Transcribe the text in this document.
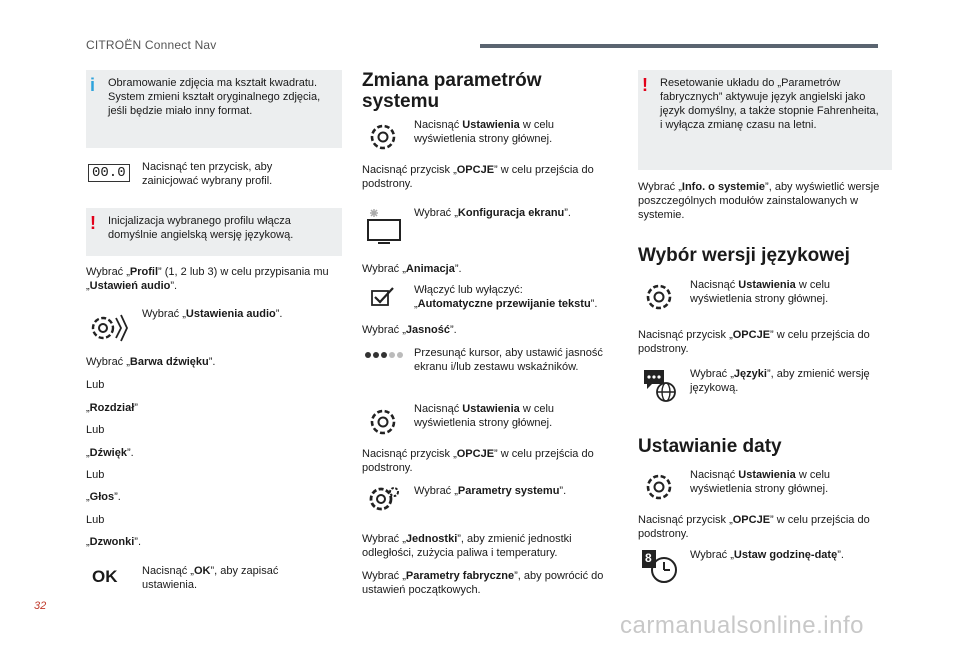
CITROËN Connect Nav
i Obramowanie zdjęcia ma kształt kwadratu. System zmieni kształt oryginalnego zdjęcia, jeśli będzie miało inny format.
00.0	Nacisnąć ten przycisk, aby zainicjować wybrany profil.
! Inicjalizacja wybranego profilu włącza domyślnie angielską wersję językową.
Wybrać „Profil” (1, 2 lub 3) w celu przypisania mu „Ustawień audio”.
Wybrać „Ustawienia audio”.
Wybrać „Barwa dźwięku”.
Lub
„Rozdział”
Lub
„Dźwięk”.
Lub
„Głos”.
Lub
„Dzwonki”.
OK Nacisnąć „OK”, aby zapisać ustawienia.
Zmiana parametrów systemu
Nacisnąć Ustawienia w celu wyświetlenia strony głównej.
Nacisnąć przycisk „OPCJE” w celu przejścia do podstrony.
Wybrać „Konfiguracja ekranu”.
Wybrać „Animacja”.
Włączyć lub wyłączyć: „Automatyczne przewijanie tekstu”.
Wybrać „Jasność”.
Przesunąć kursor, aby ustawić jasność ekranu i/lub zestawu wskaźników.
Nacisnąć Ustawienia w celu wyświetlenia strony głównej.
Nacisnąć przycisk „OPCJE” w celu przejścia do podstrony.
Wybrać „Parametry systemu”.
Wybrać „Jednostki”, aby zmienić jednostki odległości, zużycia paliwa i temperatury.
Wybrać „Parametry fabryczne”, aby powrócić do ustawień początkowych.
! Resetowanie układu do „Parametrów fabrycznych” aktywuje język angielski jako język domyślny, a także stopnie Fahrenheita, i wyłącza zmianę czasu na letni.
Wybrać „Info. o systemie”, aby wyświetlić wersje poszczególnych modułów zainstalowanych w systemie.
Wybór wersji językowej
Nacisnąć Ustawienia w celu wyświetlenia strony głównej.
Nacisnąć przycisk „OPCJE” w celu przejścia do podstrony.
Wybrać „Języki”, aby zmienić wersję językową.
Ustawianie daty
Nacisnąć Ustawienia w celu wyświetlenia strony głównej.
Nacisnąć przycisk „OPCJE” w celu przejścia do podstrony.
8	Wybrać „Ustaw godzinę-datę”.
32
carmanualsonline.info
